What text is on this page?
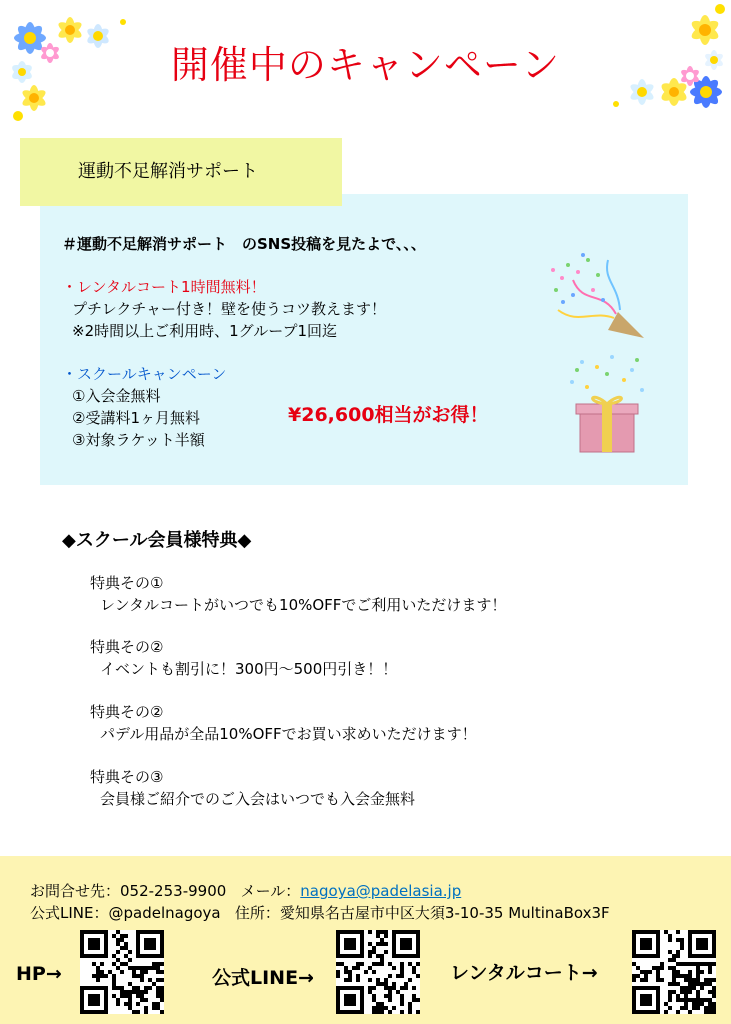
開催中のキャンペーン
運動不足解消サポート
＃運動不足解消サポート　のSNS投稿を見たよで、、、
・レンタルコート1時間無料！
プチレクチャー付き！壁を使うコツ教えます！
※2時間以上ご利用時、1グループ1回迄
・スクールキャンペーン
①入会金無料
②受講料1ヶ月無料
③対象ラケット半額
¥26,600相当がお得！
◆スクール会員様特典◆
特典その①
レンタルコートがいつでも10%OFFでご利用いただけます！
特典その②
イベントも割引に！300円～500円引き！！
特典その②
パデル用品が全品10%OFFでお買い求めいただけます！
特典その③
会員様ご紹介でのご入会はいつでも入会金無料
お問合せ先：052-253-9900 メール：nagoya@padelasia.jp
公式LINE：@padelnagoya 住所：愛知県名古屋市中区大須3-10-35 MultinaBox3F
HP→	公式LINE→	レンタルコート→
